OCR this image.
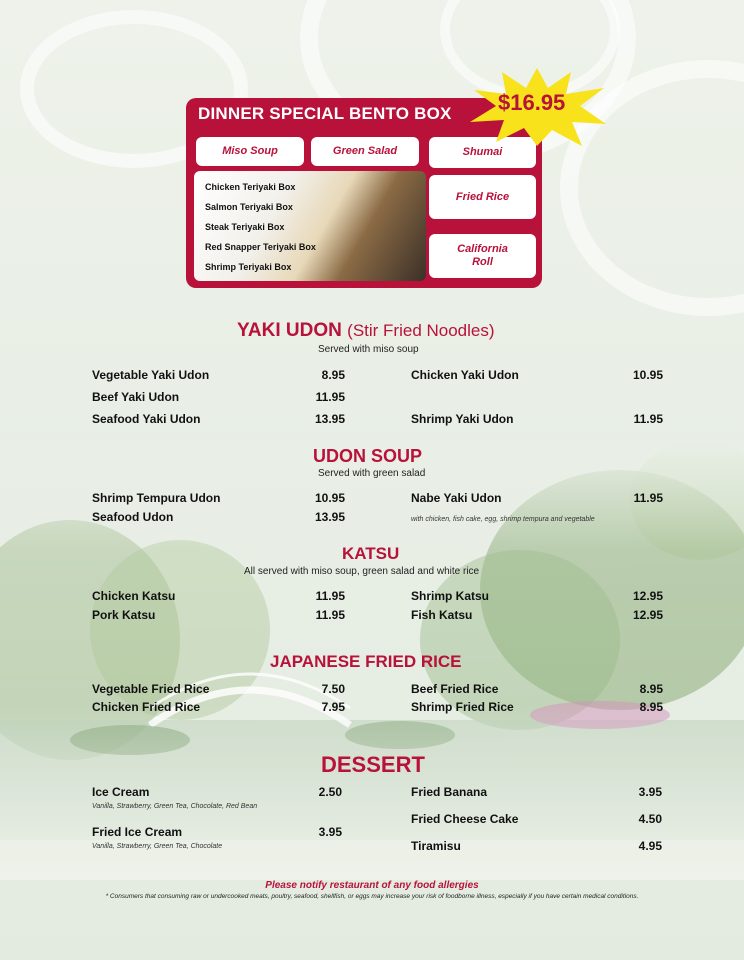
DINNER SPECIAL BENTO BOX
Miso Soup	Green Salad	Shumai
Fried Rice
California Roll
Chicken Teriyaki Box
Salmon Teriyaki Box
Steak Teriyaki Box
Red Snapper Teriyaki Box
Shrimp Teriyaki Box
$16.95
YAKI UDON (Stir Fried Noodles)
Served with miso soup
Vegetable Yaki Udon	8.95
Beef Yaki Udon	11.95
Seafood Yaki Udon	13.95
Chicken Yaki Udon	10.95
Shrimp Yaki Udon	11.95
UDON SOUP
Served with green salad
Shrimp Tempura Udon	10.95
Seafood Udon	13.95
Nabe Yaki Udon	11.95
with chicken, fish cake, egg, shrimp tempura and vegetable
KATSU
All served with miso soup, green salad and white rice
Chicken Katsu	11.95
Pork Katsu	11.95
Shrimp Katsu	12.95
Fish Katsu	12.95
JAPANESE FRIED RICE
Vegetable Fried Rice	7.50
Chicken Fried Rice	7.95
Beef Fried Rice	8.95
Shrimp Fried Rice	8.95
DESSERT
Ice Cream	2.50
Vanilla, Strawberry, Green Tea, Chocolate, Red Bean
Fried Ice Cream	3.95
Vanilla, Strawberry, Green Tea, Chocolate
Fried Banana	3.95
Fried Cheese Cake	4.50
Tiramisu	4.95
Please notify restaurant of any food allergies
* Consumers that consuming raw or undercooked meats, poultry, seafood, shellfish, or eggs may increase your risk of foodborne illness, especially if you have certain medical conditions.
